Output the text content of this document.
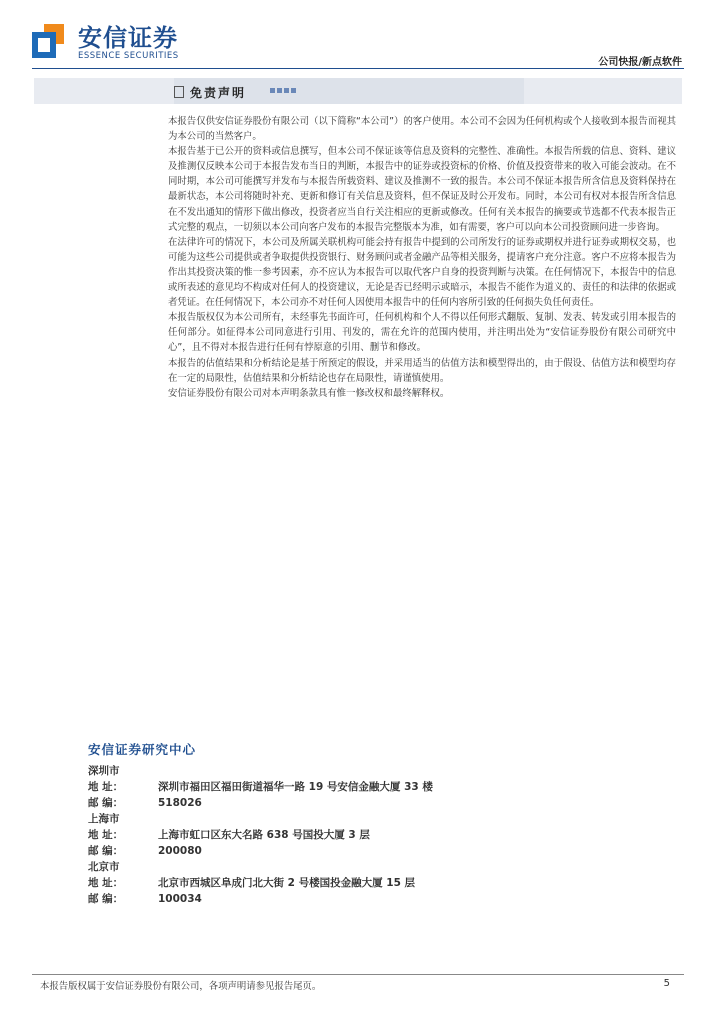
安信证券
ESSENCE SECURITIES
公司快报/新点软件
免责声明

本报告仅供安信证券股份有限公司（以下简称“本公司”）的客户使用。本公司不会因为任何机构或个人接收到本报告而视其为本公司的当然客户。

本报告基于已公开的资料或信息撰写，但本公司不保证该等信息及资料的完整性、准确性。本报告所载的信息、资料、建议及推测仅反映本公司于本报告发布当日的判断，本报告中的证券或投资标的价格、价值及投资带来的收入可能会波动。在不同时期，本公司可能撰写并发布与本报告所载资料、建议及推测不一致的报告。本公司不保证本报告所含信息及资料保持在最新状态，本公司将随时补充、更新和修订有关信息及资料，但不保证及时公开发布。同时，本公司有权对本报告所含信息在不发出通知的情形下做出修改，投资者应当自行关注相应的更新或修改。任何有关本报告的摘要或节选都不代表本报告正式完整的观点，一切须以本公司向客户发布的本报告完整版本为准，如有需要，客户可以向本公司投资顾问进一步咨询。

在法律许可的情况下，本公司及所属关联机构可能会持有报告中提到的公司所发行的证券或期权并进行证券或期权交易，也可能为这些公司提供或者争取提供投资银行、财务顾问或者金融产品等相关服务，提请客户充分注意。客户不应将本报告为作出其投资决策的惟一参考因素，亦不应认为本报告可以取代客户自身的投资判断与决策。在任何情况下，本报告中的信息或所表述的意见均不构成对任何人的投资建议，无论是否已经明示或暗示，本报告不能作为道义的、责任的和法律的依据或者凭证。在任何情况下，本公司亦不对任何人因使用本报告中的任何内容所引致的任何损失负任何责任。

本报告版权仅为本公司所有，未经事先书面许可，任何机构和个人不得以任何形式翻版、复制、发表、转发或引用本报告的任何部分。如征得本公司同意进行引用、刊发的，需在允许的范围内使用，并注明出处为“安信证券股份有限公司研究中心”，且不得对本报告进行任何有悖原意的引用、删节和修改。

本报告的估值结果和分析结论是基于所预定的假设，并采用适当的估值方法和模型得出的，由于假设、估值方法和模型均存在一定的局限性，估值结果和分析结论也存在局限性，请谨慎使用。

安信证券股份有限公司对本声明条款具有惟一修改权和最终解释权。

安信证券研究中心
深圳市
地 址：	深圳市福田区福田街道福华一路 19 号安信金融大厦 33 楼
邮 编：	518026
上海市
地 址：	上海市虹口区东大名路 638 号国投大厦 3 层
邮 编：	200080
北京市
地 址：	北京市西城区阜成门北大街 2 号楼国投金融大厦 15 层
邮 编：	100034
本报告版权属于安信证券股份有限公司，各项声明请参见报告尾页。	5
